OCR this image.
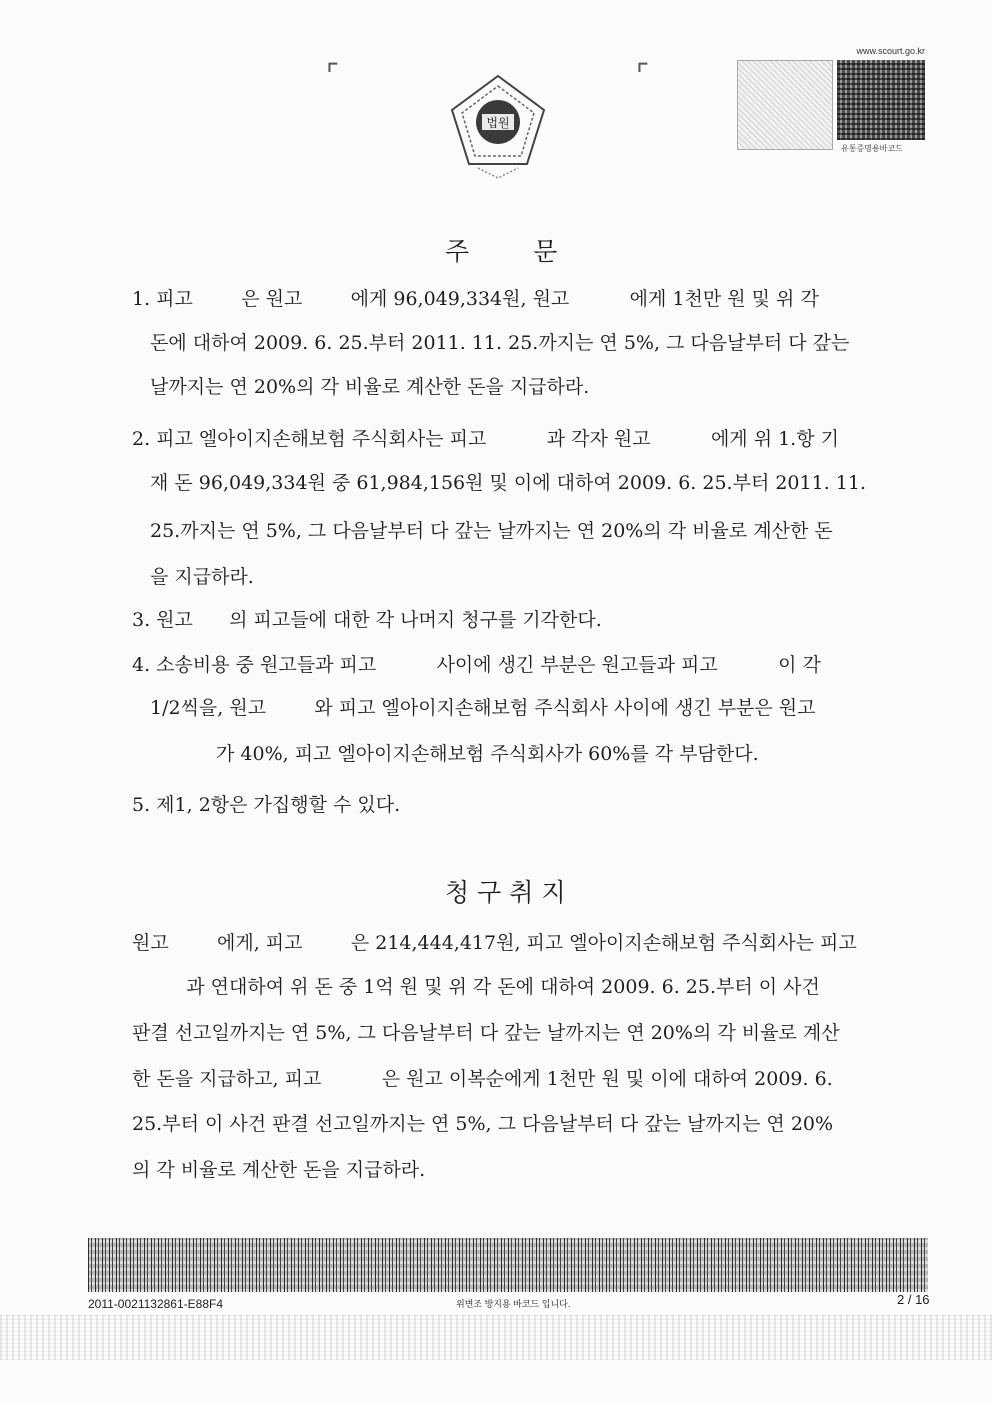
⌜	⌜
법원
www.scourt.go.kr
유통증명용바코드
주 문
1. 피고        은 원고        에게 96,049,334원, 원고          에게 1천만 원 및 위 각
돈에 대하여 2009. 6. 25.부터 2011. 11. 25.까지는 연 5%, 그 다음날부터 다 갚는
날까지는 연 20%의 각 비율로 계산한 돈을 지급하라.
2. 피고 엘아이지손해보험 주식회사는 피고          과 각자 원고          에게 위 1.항 기
재 돈 96,049,334원 중 61,984,156원 및 이에 대하여 2009. 6. 25.부터 2011. 11.
25.까지는 연 5%, 그 다음날부터 다 갚는 날까지는 연 20%의 각 비율로 계산한 돈
을 지급하라.
3. 원고      의 피고들에 대한 각 나머지 청구를 기각한다.
4. 소송비용 중 원고들과 피고          사이에 생긴 부분은 원고들과 피고          이 각
1/2씩을, 원고        와 피고 엘아이지손해보험 주식회사 사이에 생긴 부분은 원고
가 40%, 피고 엘아이지손해보험 주식회사가 60%를 각 부담한다.
5. 제1, 2항은 가집행할 수 있다.
청구취지
원고        에게, 피고        은 214,444,417원, 피고 엘아이지손해보험 주식회사는 피고
과 연대하여 위 돈 중 1억 원 및 위 각 돈에 대하여 2009. 6. 25.부터 이 사건
판결 선고일까지는 연 5%, 그 다음날부터 다 갚는 날까지는 연 20%의 각 비율로 계산
한 돈을 지급하고, 피고          은 원고 이복순에게 1천만 원 및 이에 대하여 2009. 6.
25.부터 이 사건 판결 선고일까지는 연 5%, 그 다음날부터 다 갚는 날까지는 연 20%
의 각 비율로 계산한 돈을 지급하라.
2011-0021132861-E88F4	위변조 방지용 바코드 입니다.	2 / 16
